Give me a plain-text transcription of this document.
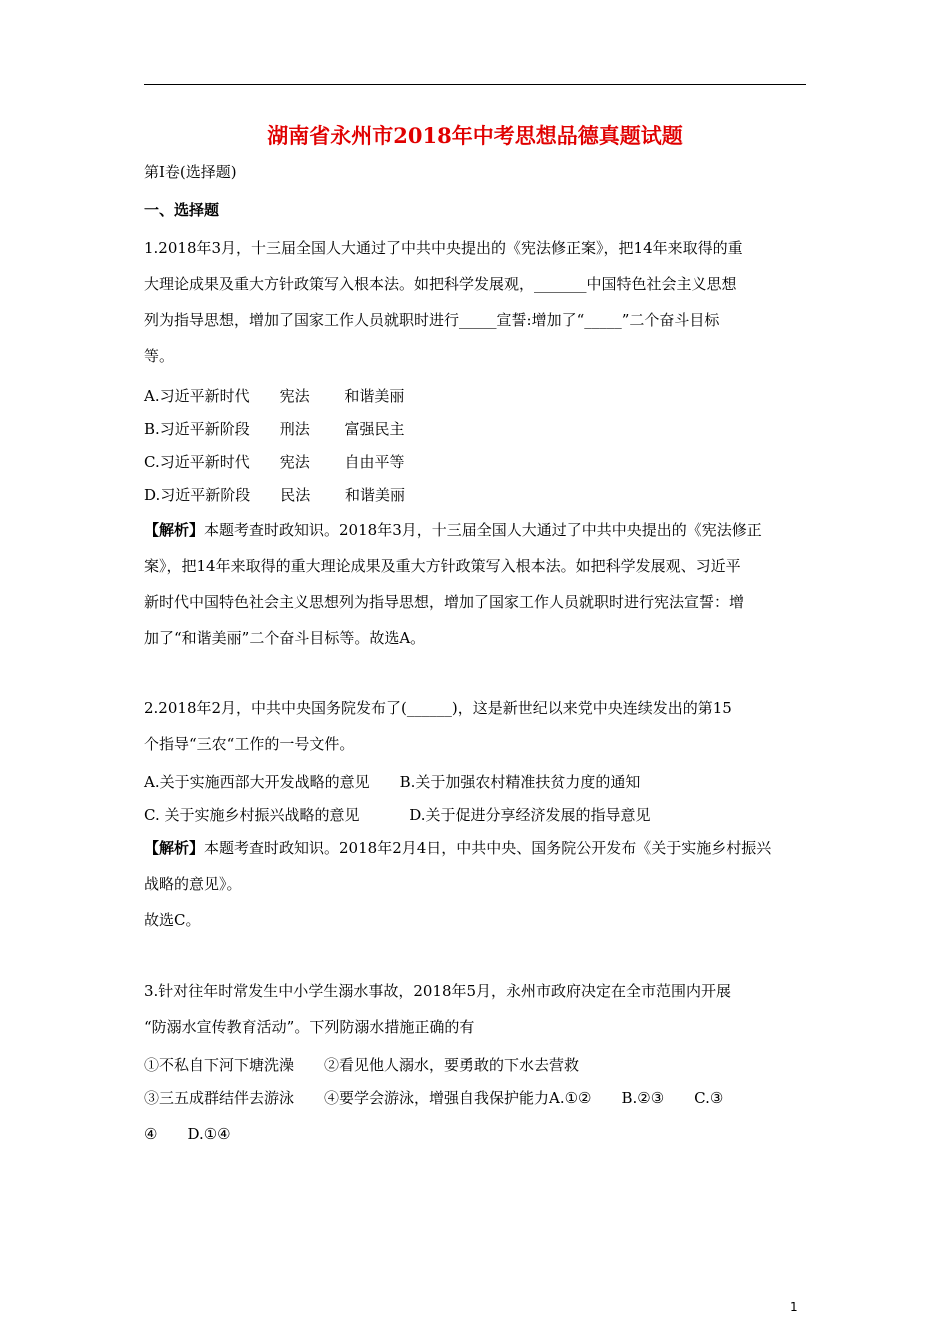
湖南省永州市2018年中考思想品德真题试题
第Ⅰ卷(选择题)
一、选择题
1.2018年3月，十三届全国人大通过了中共中央提出的《宪法修正案》，把14年来取得的重
大理论成果及重大方针政策写入根本法。如把科学发展观，_______中国特色社会主义思想
列为指导思想，增加了国家工作人员就职时进行_____宣誓:增加了“_____”二个奋斗目标
等。
A.习近平新时代　　宪法　　 和谐美丽
B.习近平新阶段　　刑法　　 富强民主
C.习近平新时代　　宪法　　 自由平等
D.习近平新阶段　　民法　　 和谐美丽
【解析】本题考查时政知识。2018年3月，十三届全国人大通过了中共中央提出的《宪法修正
案》，把14年来取得的重大理论成果及重大方针政策写入根本法。如把科学发展观、习近平
新时代中国特色社会主义思想列为指导思想，增加了国家工作人员就职时进行宪法宣誓：增
加了“和谐美丽”二个奋斗目标等。故选A。
2.2018年2月，中共中央国务院发布了(______)，这是新世纪以来党中央连续发出的第15
个指导“三农“工作的一号文件。
A.关于实施西部大开发战略的意见　　B.关于加强农村精准扶贫力度的通知
C. 关于实施乡村振兴战略的意见　　　 D.关于促进分享经济发展的指导意见
【解析】本题考查时政知识。2018年2月4日，中共中央、国务院公开发布《关于实施乡村振兴
战略的意见》。
故选C。
3.针对往年时常发生中小学生溺水事故，2018年5月，永州市政府决定在全市范围内开展
“防溺水宣传教育活动”。下列防溺水措施正确的有
①不私自下河下塘洗澡　　②看见他人溺水，要勇敢的下水去营救
③三五成群结伴去游泳　　④要学会游泳，增强自我保护能力A.①②　　B.②③　　C.③
④　　D.①④
1
